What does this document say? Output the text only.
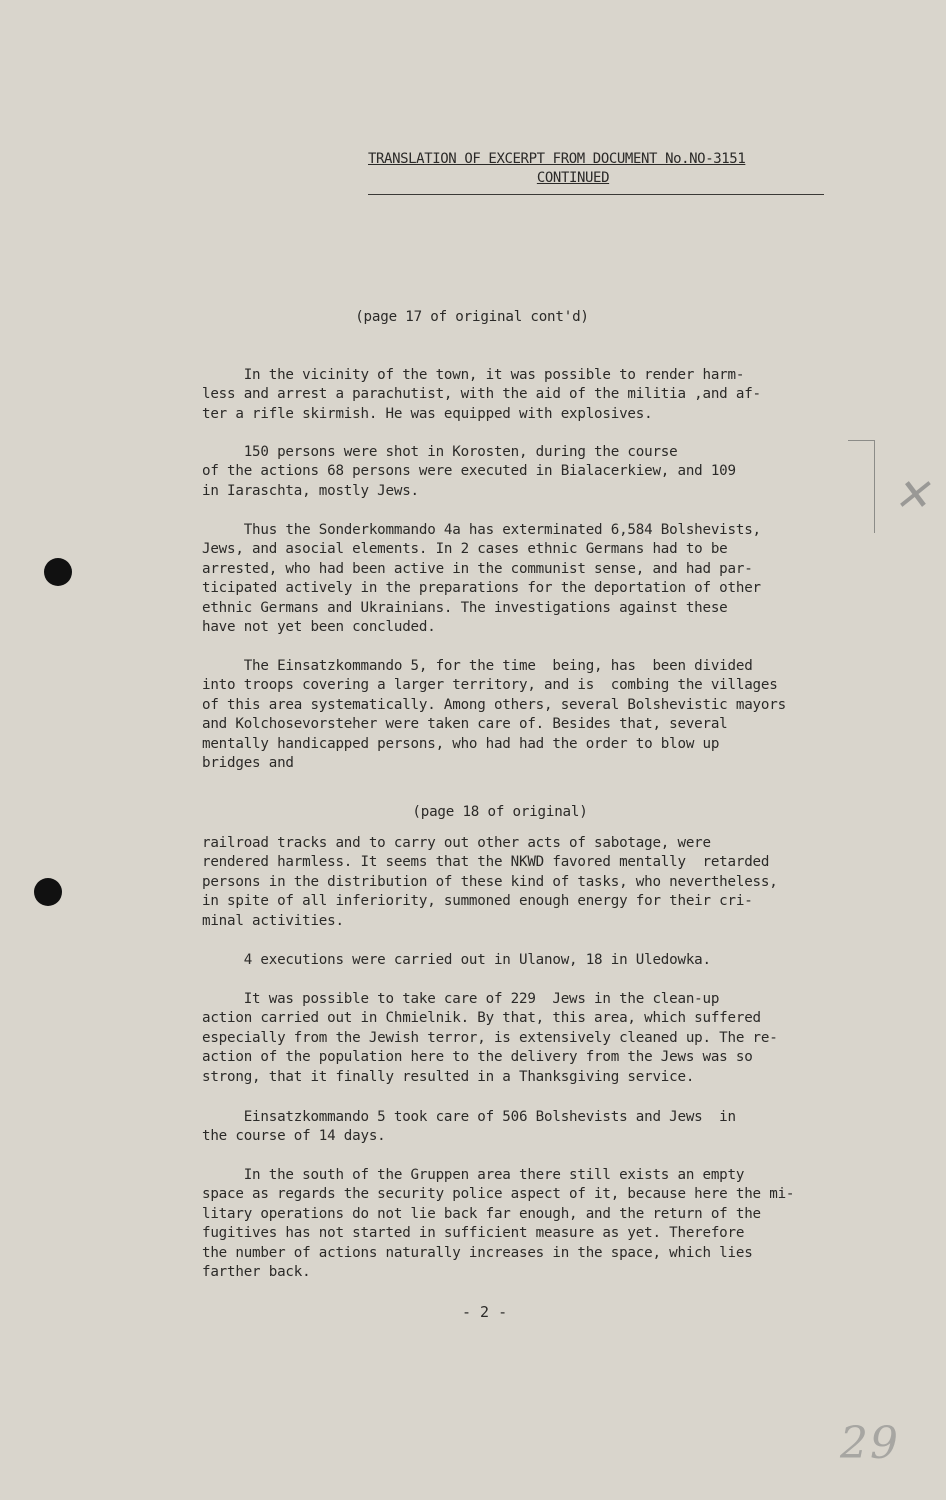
TRANSLATION OF EXCERPT FROM DOCUMENT No.NO-3151
CONTINUED
(page 17 of original cont'd)
In the vicinity of the town, it was possible to render harm-
less and arrest a parachutist, with the aid of the militia ,and af-
ter a rifle skirmish. He was equipped with explosives.
150 persons were shot in Korosten, during the course
of the actions 68 persons were executed in Bialacerkiew, and 109
in Iaraschta, mostly Jews.
Thus the Sonderkommando 4a has exterminated 6,584 Bolshevists,
Jews, and asocial elements. In 2 cases ethnic Germans had to be
arrested, who had been active in the communist sense, and had par-
ticipated actively in the preparations for the deportation of other
ethnic Germans and Ukrainians. The investigations against these
have not yet been concluded.
The Einsatzkommando 5, for the time  being, has  been divided
into troops covering a larger territory, and is  combing the villages
of this area systematically. Among others, several Bolshevistic mayors
and Kolchosevorsteher were taken care of. Besides that, several
mentally handicapped persons, who had had the order to blow up
bridges and
(page 18 of original)
railroad tracks and to carry out other acts of sabotage, were
rendered harmless. It seems that the NKWD favored mentally  retarded
persons in the distribution of these kind of tasks, who nevertheless,
in spite of all inferiority, summoned enough energy for their cri-
minal activities.
4 executions were carried out in Ulanow, 18 in Uledowka.
It was possible to take care of 229  Jews in the clean-up
action carried out in Chmielnik. By that, this area, which suffered
especially from the Jewish terror, is extensively cleaned up. The re-
action of the population here to the delivery from the Jews was so
strong, that it finally resulted in a Thanksgiving service.
Einsatzkommando 5 took care of 506 Bolshevists and Jews  in
the course of 14 days.
In the south of the Gruppen area there still exists an empty
space as regards the security police aspect of it, because here the mi-
litary operations do not lie back far enough, and the return of the
fugitives has not started in sufficient measure as yet. Therefore
the number of actions naturally increases in the space, which lies
farther back.
- 2 -
✕
29
